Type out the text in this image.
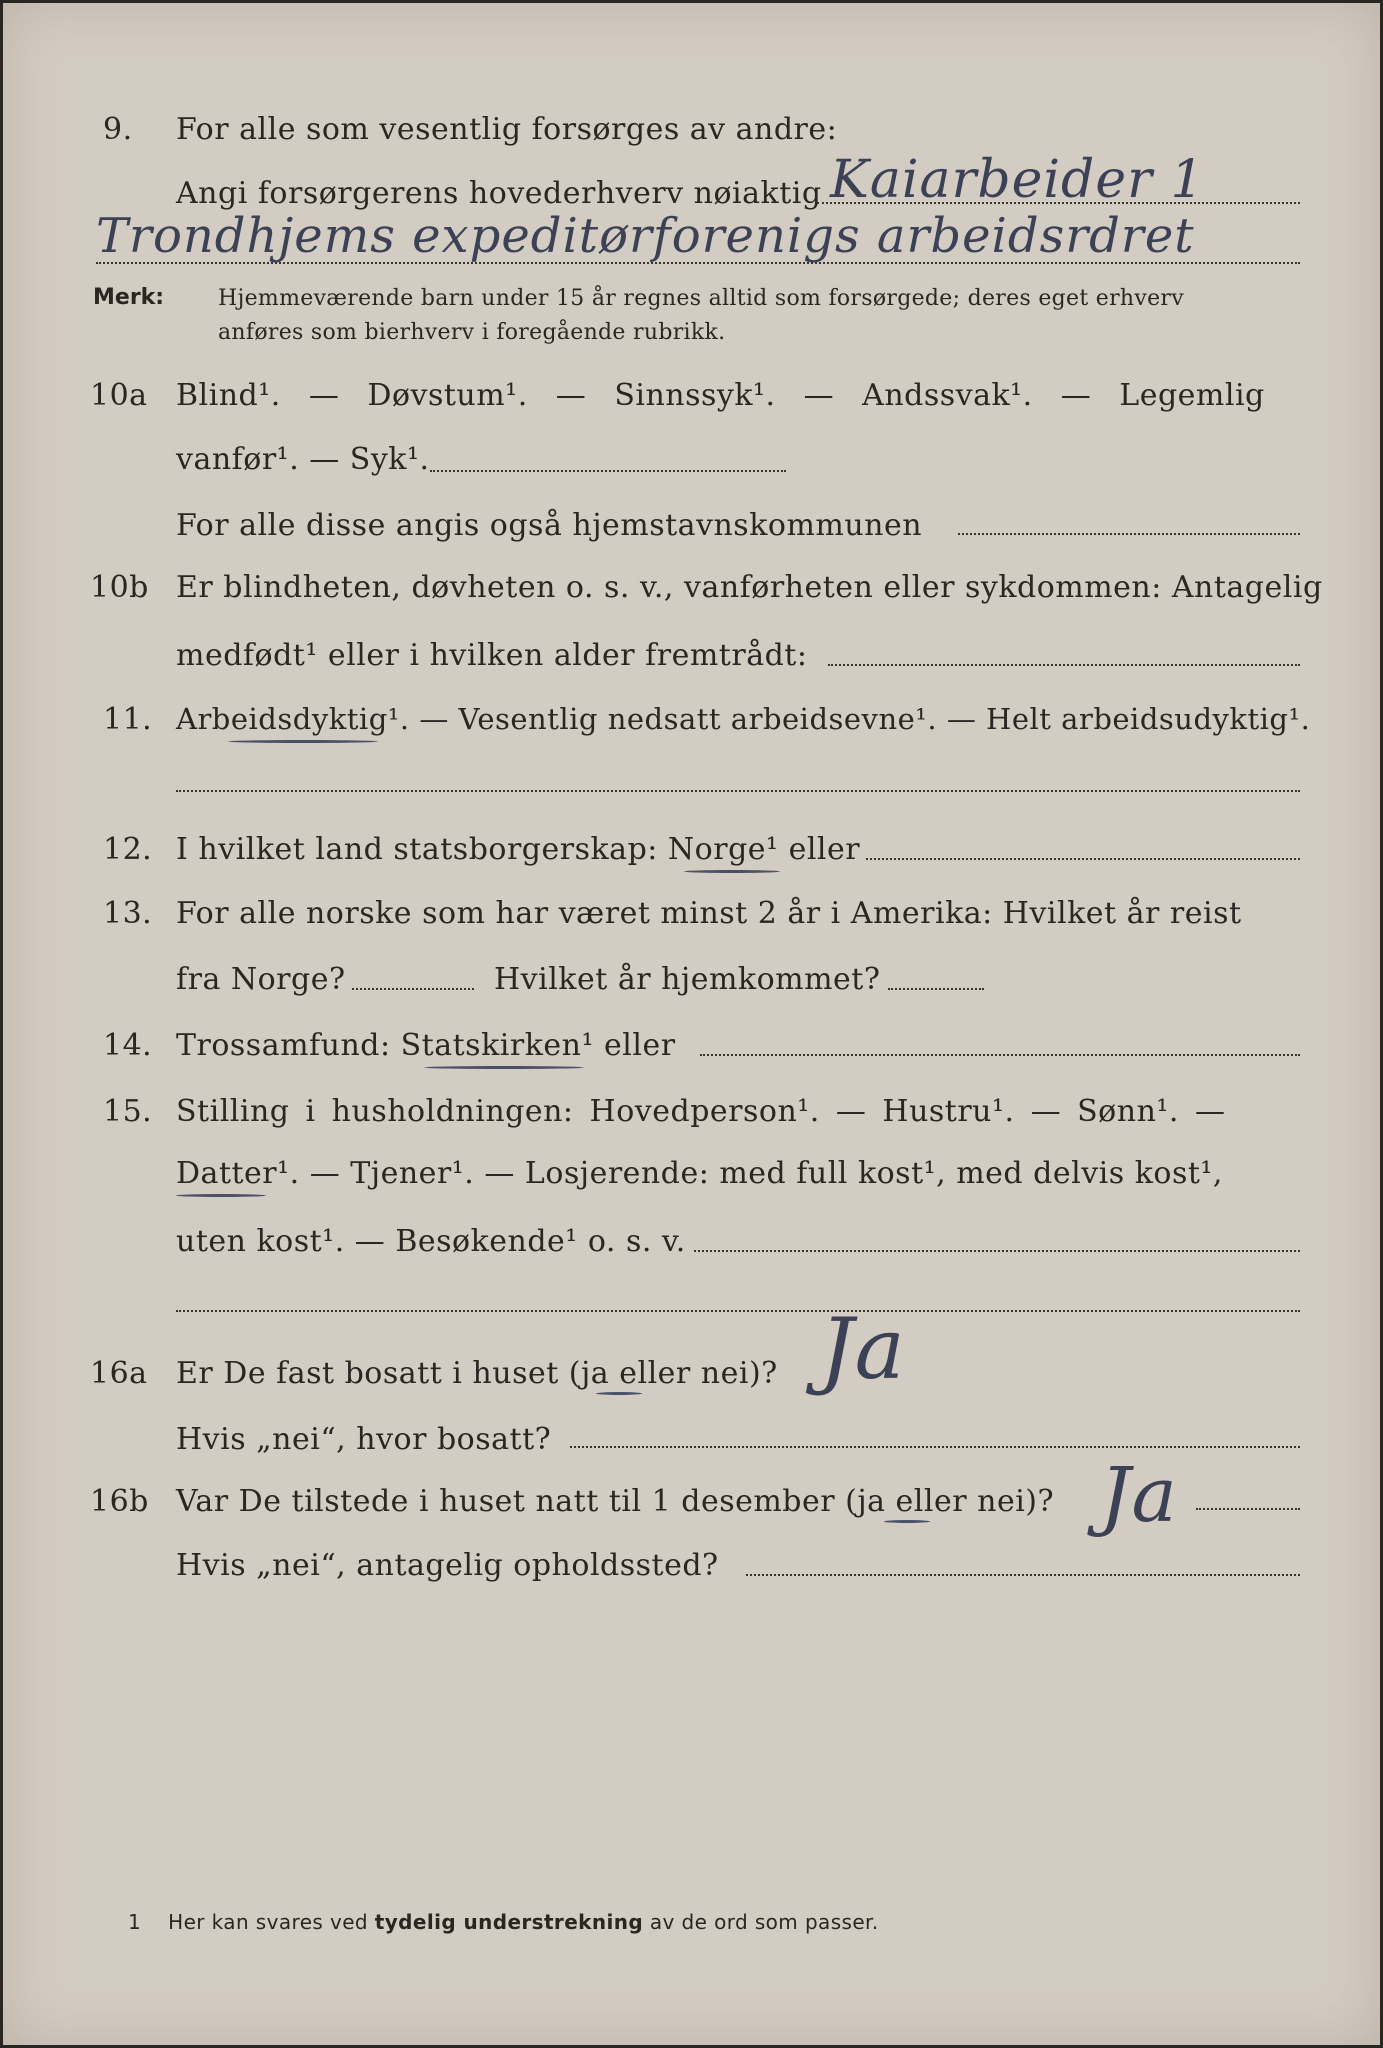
9. For alle som vesentlig forsørges av andre:
Angi forsørgerens hovederhverv nøiaktig Kaiarbeider 1
Trondhjems expeditørforenigs arbeidsrdret
Merk: Hjemmeværende barn under 15 år regnes alltid som forsørgede; deres eget erhverv
anføres som bierhverv i foregående rubrikk.
10a Blind¹. — Døvstum¹. — Sinnssyk¹. — Andssvak¹. — Legemlig
vanfør¹. — Syk¹.
For alle disse angis også hjemstavnskommunen
10b Er blindheten, døvheten o. s. v., vanførheten eller sykdommen: Antagelig
medfødt¹ eller i hvilken alder fremtrådt:
11. Arbeidsdyktig¹. — Vesentlig nedsatt arbeidsevne¹. — Helt arbeidsudyktig¹.
12. I hvilket land statsborgerskap: Norge¹ eller
13. For alle norske som har været minst 2 år i Amerika: Hvilket år reist
fra Norge?	Hvilket år hjemkommet?
14. Trossamfund: Statskirken¹ eller
15. Stilling i husholdningen: Hovedperson¹. — Hustru¹. — Sønn¹. —
Datter¹. — Tjener¹. — Losjerende: med full kost¹, med delvis kost¹,
uten kost¹. — Besøkende¹ o. s. v.
16a Er De fast bosatt i huset (ja eller nei)? Ja
Hvis „nei“, hvor bosatt?
16b Var De tilstede i huset natt til 1 desember (ja eller nei)? Ja
Hvis „nei“, antagelig opholdssted?
1 Her kan svares ved tydelig understrekning av de ord som passer.
